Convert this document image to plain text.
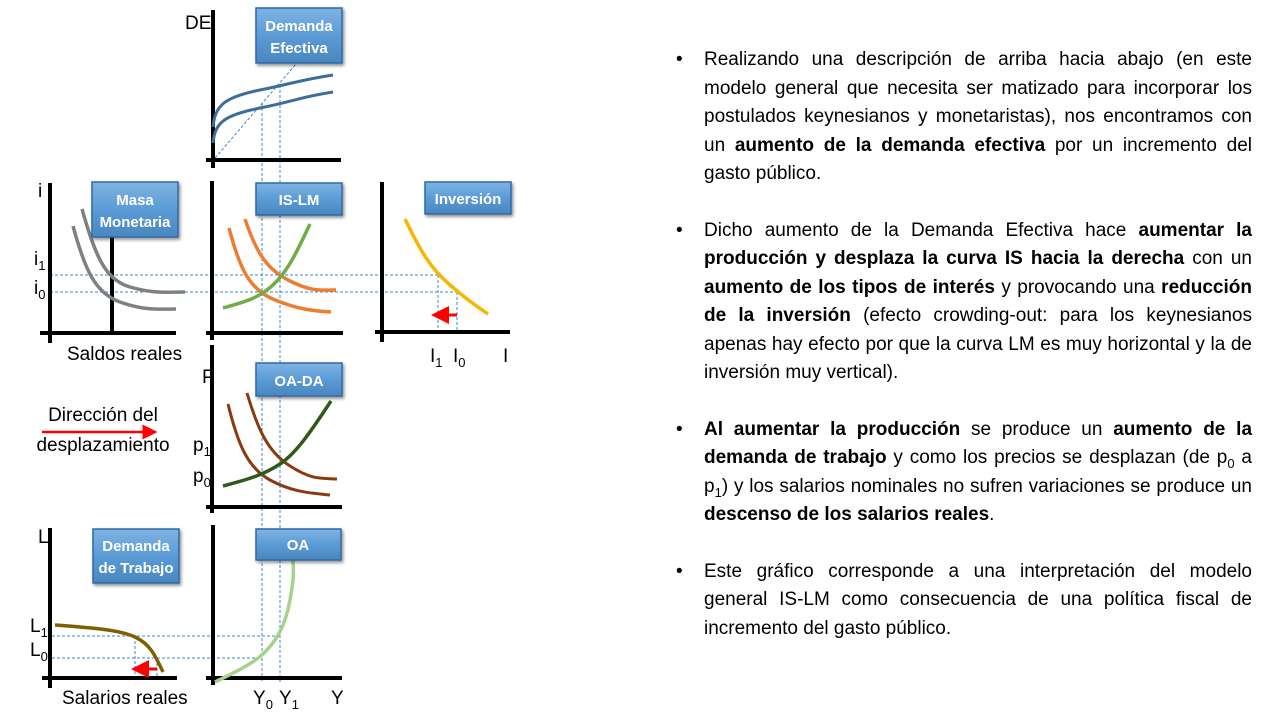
DE	Demanda
Efectiva
i
$i_1$
$i_0$
Saldos reales
Masa
Monetaria
IS-LM
$I_1$ $I_0$ I
Inversión
Dirección del
desplazamiento
P
$p_1$
$p_0$
OA-DA
L
$L_1$
$L_0$
Salarios reales
Demanda
de Trabajo
$Y_0$ $Y_1$ Y
OA
• Realizando una descripción de arriba hacia abajo (en este modelo general que necesita ser matizado para incorporar los postulados keynesianos y monetaristas), nos encontramos con un aumento de la demanda efectiva por un incremento del gasto público.
• Dicho aumento de la Demanda Efectiva hace aumentar la producción y desplaza la curva IS hacia la derecha con un aumento de los tipos de interés y provocando una reducción de la inversión (efecto crowding-out: para los keynesianos apenas hay efecto por que la curva LM es muy horizontal y la de inversión muy vertical).
• Al aumentar la producción se produce un aumento de la demanda de trabajo y como los precios se desplazan (de $p_0$ a $p_1$) y los salarios nominales no sufren variaciones se produce un descenso de los salarios reales.
• Este gráfico corresponde a una interpretación del modelo general IS-LM como consecuencia de una política fiscal de incremento del gasto público.
